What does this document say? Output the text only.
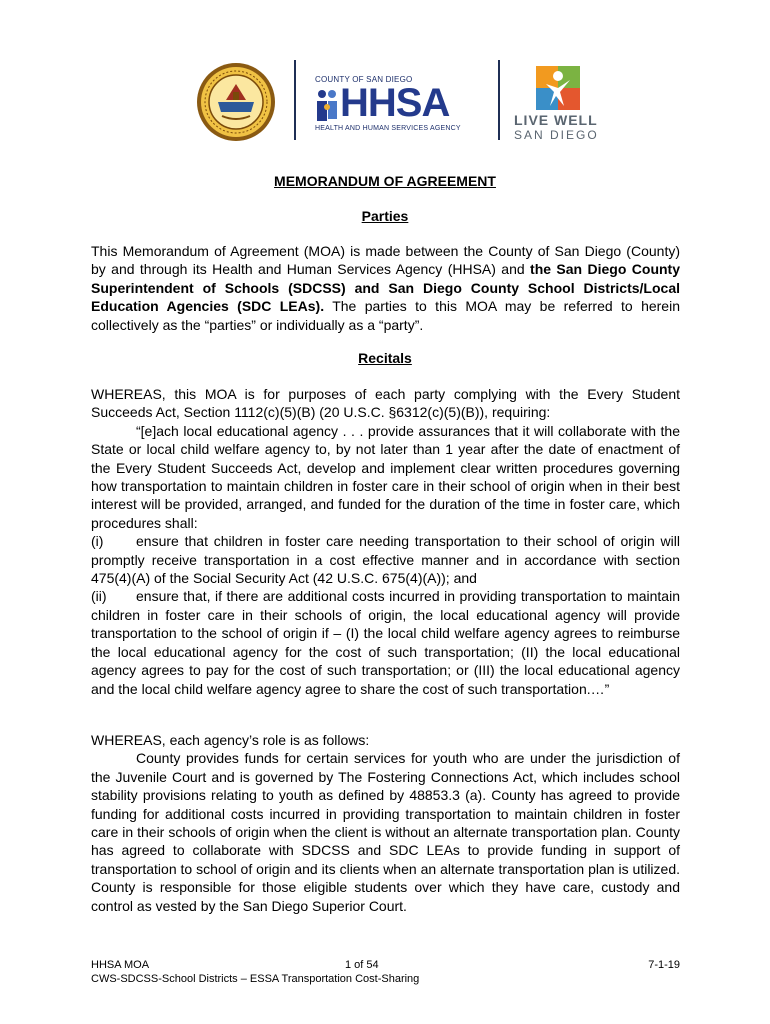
COUNTY OF SAN DIEGO
HHSA
HEALTH AND HUMAN SERVICES AGENCY
LIVE WELL
SAN DIEGO
MEMORANDUM OF AGREEMENT
Parties

This Memorandum of Agreement (MOA) is made between the County of San Diego (County) by and through its Health and Human Services Agency (HHSA) and the San Diego County Superintendent of Schools (SDCSS) and San Diego County School Districts/Local Education Agencies (SDC LEAs). The parties to this MOA may be referred to herein collectively as the “parties” or individually as a “party”.

Recitals
WHEREAS, this MOA is for purposes of each party complying with the Every Student Succeeds Act, Section 1112(c)(5)(B) (20 U.S.C. §6312(c)(5)(B)), requiring:
“[e]ach local educational agency . . . provide assurances that it will collaborate with the State or local child welfare agency to, by not later than 1 year after the date of enactment of the Every Student Succeeds Act, develop and implement clear written procedures governing how transportation to maintain children in foster care in their school of origin when in their best interest will be provided, arranged, and funded for the duration of the time in foster care, which procedures shall:
(i) ensure that children in foster care needing transportation to their school of origin will promptly receive transportation in a cost effective manner and in accordance with section 475(4)(A) of the Social Security Act (42 U.S.C. 675(4)(A)); and
(ii) ensure that, if there are additional costs incurred in providing transportation to maintain children in foster care in their schools of origin, the local educational agency will provide transportation to the school of origin if – (I) the local child welfare agency agrees to reimburse the local educational agency for the cost of such transportation; (II) the local educational agency agrees to pay for the cost of such transportation; or (III) the local educational agency and the local child welfare agency agree to share the cost of such transportation.…”
WHEREAS, each agency’s role is as follows:
County provides funds for certain services for youth who are under the jurisdiction of the Juvenile Court and is governed by The Fostering Connections Act, which includes school stability provisions relating to youth as defined by 48853.3 (a). County has agreed to provide funding for additional costs incurred in providing transportation to maintain children in foster care in their schools of origin when the client is without an alternate transportation plan. County has agreed to collaborate with SDCSS and SDC LEAs to provide funding in support of transportation to school of origin and its clients when an alternate transportation plan is utilized. County is responsible for those eligible students over which they have care, custody and control as vested by the San Diego Superior Court.
HHSA MOA	1 of 54	7-1-19
CWS-SDCSS-School Districts – ESSA Transportation Cost-Sharing
